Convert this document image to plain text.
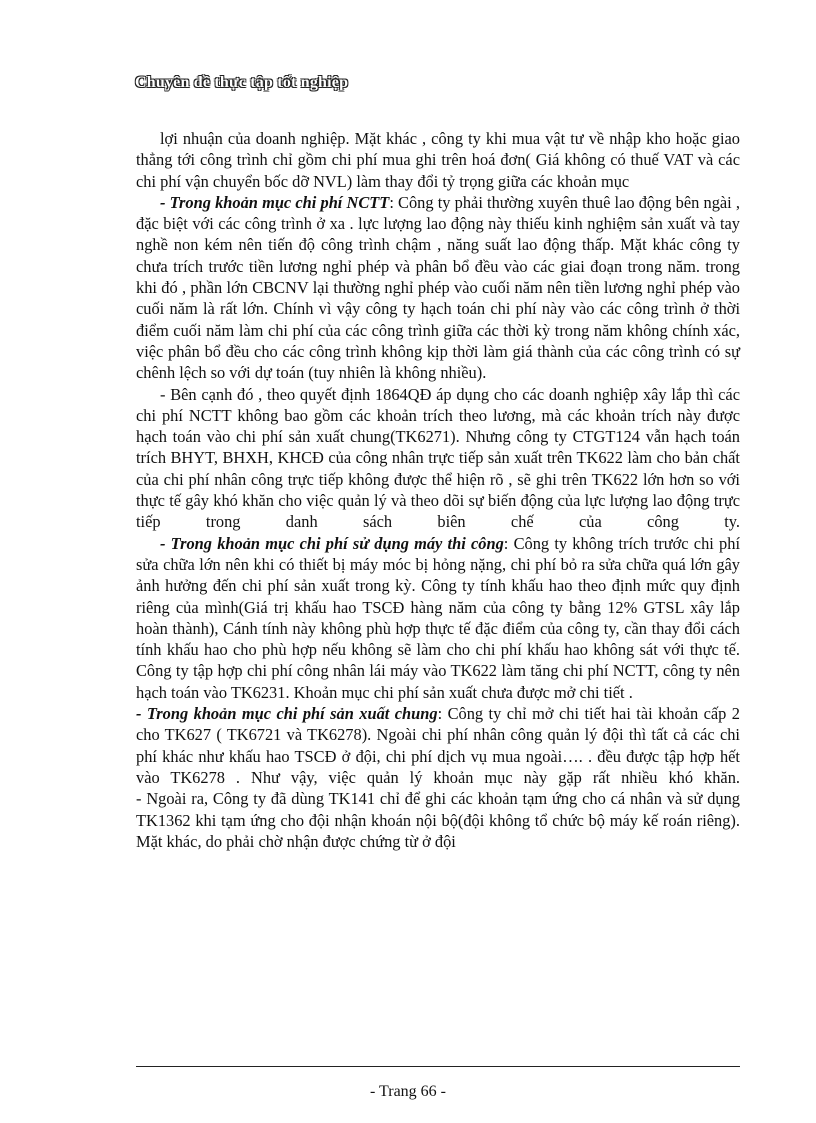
Chuyên đề thực tập tốt nghiệp

lợi nhuận của doanh nghiệp. Mặt khác , công ty khi mua vật tư về nhập kho hoặc giao thẳng tới công trình chỉ gồm chi phí mua ghi trên hoá đơn( Giá không có thuế VAT và các chi phí vận chuyển bốc dỡ NVL) làm thay đổi tỷ trọng giữa các khoản mục

- Trong khoản mục chi phí NCTT: Công ty phải thường xuyên thuê lao động bên ngài , đặc biệt với các công trình ở xa . lực lượng lao động này thiếu kinh nghiệm sản xuất và tay nghề non kém nên tiến độ công trình chậm , năng suất lao động thấp. Mặt khác công ty chưa trích trước tiền lương nghỉ phép và phân bổ đều vào các giai đoạn trong năm. trong khi đó , phần lớn CBCNV lại thường nghỉ phép vào cuối năm nên tiền lương nghỉ phép vào cuối năm là rất lớn. Chính vì vậy công ty hạch toán chi phí này vào các công trình ở thời điểm cuối năm làm chi phí của các công trình giữa các thời kỳ trong năm không chính xác, việc phân bổ đều cho các công trình không kịp thời làm giá thành của các công trình có sự chênh lệch so với dự toán (tuy nhiên là không nhiều).

- Bên cạnh đó , theo quyết định 1864QĐ áp dụng cho các doanh nghiệp xây lắp thì các chi phí NCTT không bao gồm các khoản trích theo lương, mà các khoản trích này được hạch toán vào chi phí sản xuất chung(TK6271). Nhưng công ty CTGT124 vẫn hạch toán trích BHYT, BHXH, KHCĐ của công nhân trực tiếp sản xuất trên TK622 làm cho bản chất của chi phí nhân công trực tiếp không được thể hiện rõ , sẽ ghi trên TK622 lớn hơn so với thực tế gây khó khăn cho việc quản lý và theo dõi sự biến động của lực lượng lao động trực tiếp trong danh sách biên chế của công ty.

- Trong khoản mục chi phí sử dụng máy thi công: Công ty không trích trước chi phí sửa chữa lớn nên khi có thiết bị máy móc bị hỏng nặng, chi phí bỏ ra sửa chữa quá lớn gây ảnh hưởng đến chi phí sản xuất trong kỳ. Công ty tính khấu hao theo định mức quy định riêng của mình(Giá trị khấu hao TSCĐ hàng năm của công ty bằng 12% GTSL xây lắp hoàn thành), Cánh tính này không phù hợp thực tế đặc điểm của công ty, cần thay đổi cách tính khấu hao cho phù hợp nếu không sẽ làm cho chi phí khấu hao không sát với thực tế. Công ty tập hợp chi phí công nhân lái máy vào TK622 làm tăng chi phí NCTT, công ty nên hạch toán vào TK6231. Khoản mục chi phí sản xuất chưa được mở chi tiết .

- Trong khoản mục chi phí sản xuất chung: Công ty chỉ mở chi tiết hai tài khoản cấp 2 cho TK627 ( TK6721 và TK6278). Ngoài chi phí nhân công quản lý đội thì tất cả các chi phí khác như khấu hao TSCĐ ở đội, chi phí dịch vụ mua ngoài…. . đều được tập hợp hết vào TK6278 . Như vậy, việc quản lý khoản mục này gặp rất nhiều khó khăn.

- Ngoài ra, Công ty đã dùng TK141 chỉ để ghi các khoản tạm ứng cho cá nhân và sử dụng TK1362 khi tạm ứng cho đội nhận khoán nội bộ(đội không tổ chức bộ máy kế roán riêng). Mặt khác, do phải chờ nhận được chứng từ ở đội

- Trang 66 -
